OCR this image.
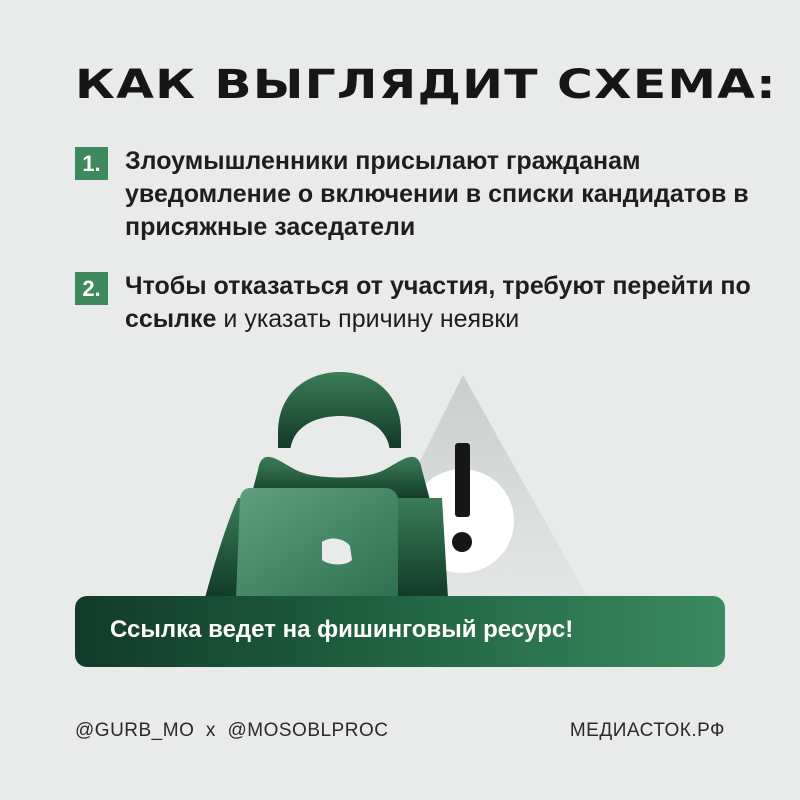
КАК ВЫГЛЯДИТ СХЕМА:
1. Злоумышленники присылают гражданам уведомление о включении в списки кандидатов в присяжные заседатели
2. Чтобы отказаться от участия, требуют перейти по ссылке и указать причину неявки
Ссылка ведет на фишинговый ресурс!
@GURB_MO  x  @MOSOBLPROC	МЕДИАСТОК.РФ
